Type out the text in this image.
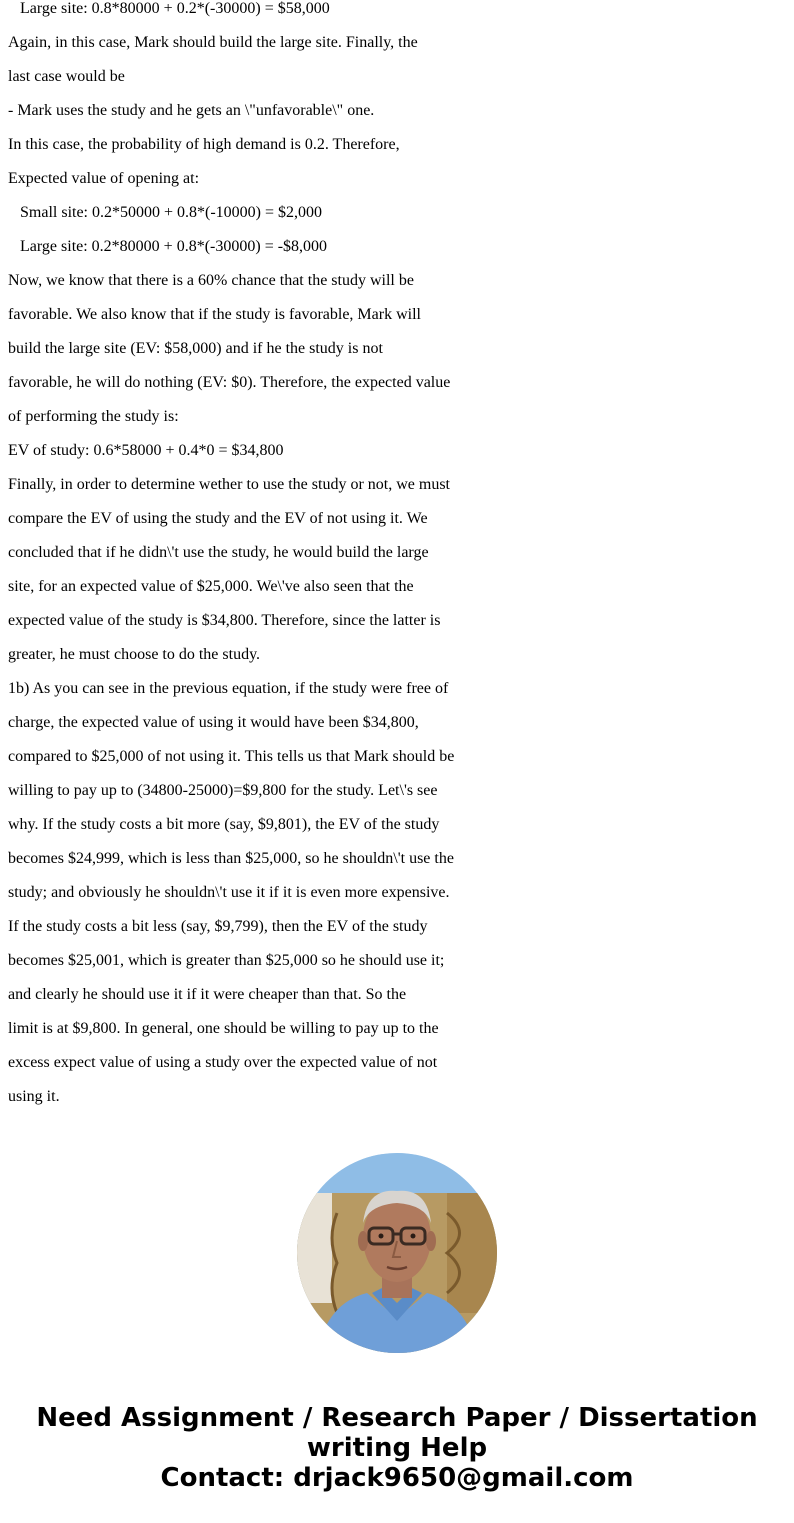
Large site: 0.8*80000 + 0.2*(-30000) = $58,000
Again, in this case, Mark should build the large site. Finally, the
last case would be
- Mark uses the study and he gets an \"unfavorable\" one.
In this case, the probability of high demand is 0.2. Therefore,
Expected value of opening at:
Small site: 0.2*50000 + 0.8*(-10000) = $2,000
Large site: 0.2*80000 + 0.8*(-30000) = -$8,000
Now, we know that there is a 60% chance that the study will be
favorable. We also know that if the study is favorable, Mark will
build the large site (EV: $58,000) and if he the study is not
favorable, he will do nothing (EV: $0). Therefore, the expected value
of performing the study is:
EV of study: 0.6*58000 + 0.4*0 = $34,800
Finally, in order to determine wether to use the study or not, we must
compare the EV of using the study and the EV of not using it. We
concluded that if he didn\'t use the study, he would build the large
site, for an expected value of $25,000. We\'ve also seen that the
expected value of the study is $34,800. Therefore, since the latter is
greater, he must choose to do the study.
1b) As you can see in the previous equation, if the study were free of
charge, the expected value of using it would have been $34,800,
compared to $25,000 of not using it. This tells us that Mark should be
willing to pay up to (34800-25000)=$9,800 for the study. Let\'s see
why. If the study costs a bit more (say, $9,801), the EV of the study
becomes $24,999, which is less than $25,000, so he shouldn\'t use the
study; and obviously he shouldn\'t use it if it is even more expensive.
If the study costs a bit less (say, $9,799), then the EV of the study
becomes $25,001, which is greater than $25,000 so he should use it;
and clearly he should use it if it were cheaper than that. So the
limit is at $9,800. In general, one should be willing to pay up to the
excess expect value of using a study over the expected value of not
using it.
Need Assignment / Research Paper / Dissertation
writing Help
Contact: drjack9650@gmail.com
